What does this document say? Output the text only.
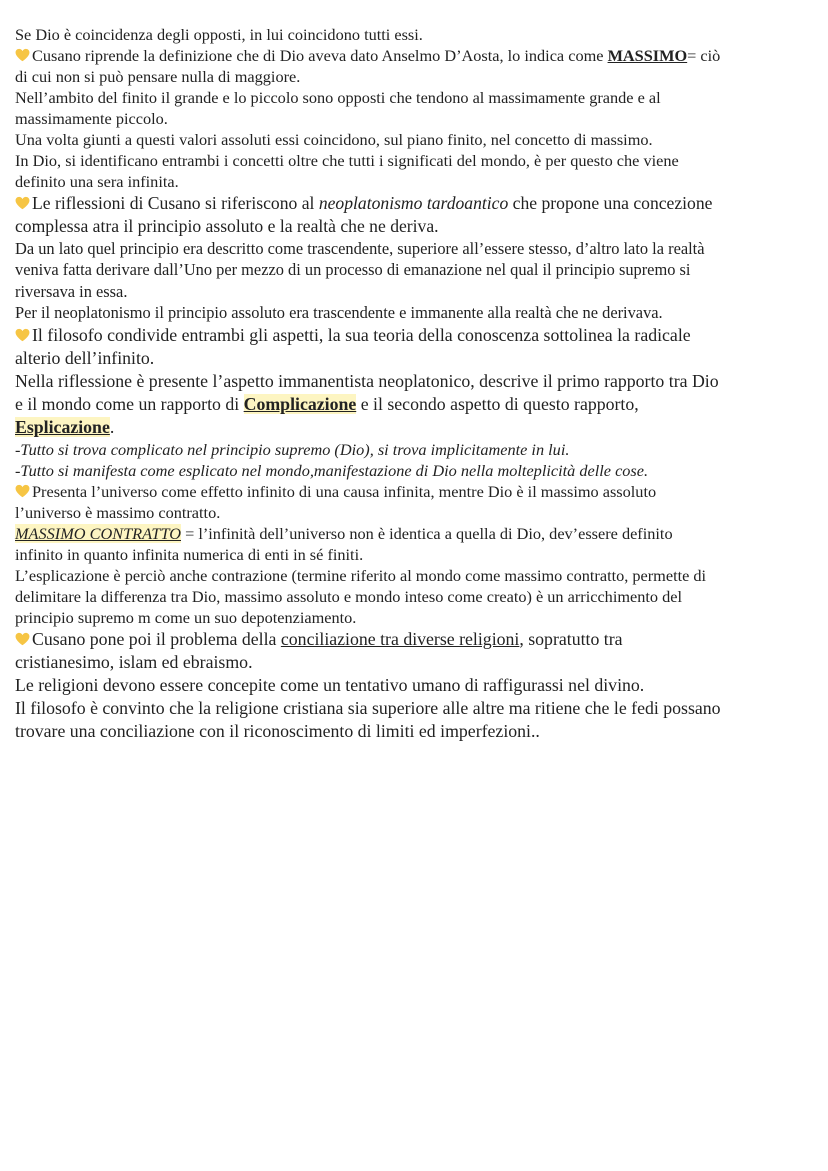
Se Dio è coincidenza degli opposti, in lui coincidono tutti essi.
Cusano riprende la definizione che di Dio aveva dato Anselmo D’Aosta, lo indica come MASSIMO= ciò
di cui non si può pensare nulla di maggiore.
Nell’ambito del finito il grande e lo piccolo sono opposti che tendono al massimamente grande e al
massimamente piccolo.
Una volta giunti a questi valori assoluti essi coincidono, sul piano finito, nel concetto di massimo.
In Dio, si identificano entrambi i concetti oltre che tutti i significati del mondo, è per questo che viene
definito una sera infinita.
Le riflessioni di Cusano si riferiscono al neoplatonismo tardoantico che propone una concezione
complessa atra il principio assoluto e la realtà che ne deriva.
Da un lato quel principio era descritto come trascendente, superiore all’essere stesso, d’altro lato la realtà
veniva fatta derivare dall’Uno per mezzo di un processo di emanazione nel qual il principio supremo si
riversava in essa.
Per il neoplatonismo il principio assoluto era trascendente e immanente alla realtà che ne derivava.
Il filosofo condivide entrambi gli aspetti, la sua teoria della conoscenza sottolinea la radicale
alterio dell’infinito.
Nella riflessione è presente l’aspetto immanentista neoplatonico, descrive il primo rapporto tra Dio
e il mondo come un rapporto di Complicazione e il secondo aspetto di questo rapporto,
Esplicazione.
-Tutto si trova complicato nel principio supremo (Dio), si trova implicitamente in lui.
-Tutto si manifesta come esplicato nel mondo,manifestazione di Dio nella molteplicità delle cose.
Presenta l’universo come effetto infinito di una causa infinita, mentre Dio è il massimo assoluto
l’universo è massimo contratto.
MASSIMO CONTRATTO = l’infinità dell’universo non è identica a quella di Dio, dev’essere definito
infinito in quanto infinita numerica di enti in sé finiti.
L’esplicazione è perciò anche contrazione (termine riferito al mondo come massimo contratto, permette di
delimitare la differenza tra Dio, massimo assoluto e mondo inteso come creato) è un arricchimento del
principio supremo m come un suo depotenziamento.
Cusano pone poi il problema della conciliazione tra diverse religioni, sopratutto tra
cristianesimo, islam ed ebraismo.
Le religioni devono essere concepite come un tentativo umano di raffigurassi nel divino.
Il filosofo è convinto che la religione cristiana sia superiore alle altre ma ritiene che le fedi possano
trovare una conciliazione con il riconoscimento di limiti ed imperfezioni..
